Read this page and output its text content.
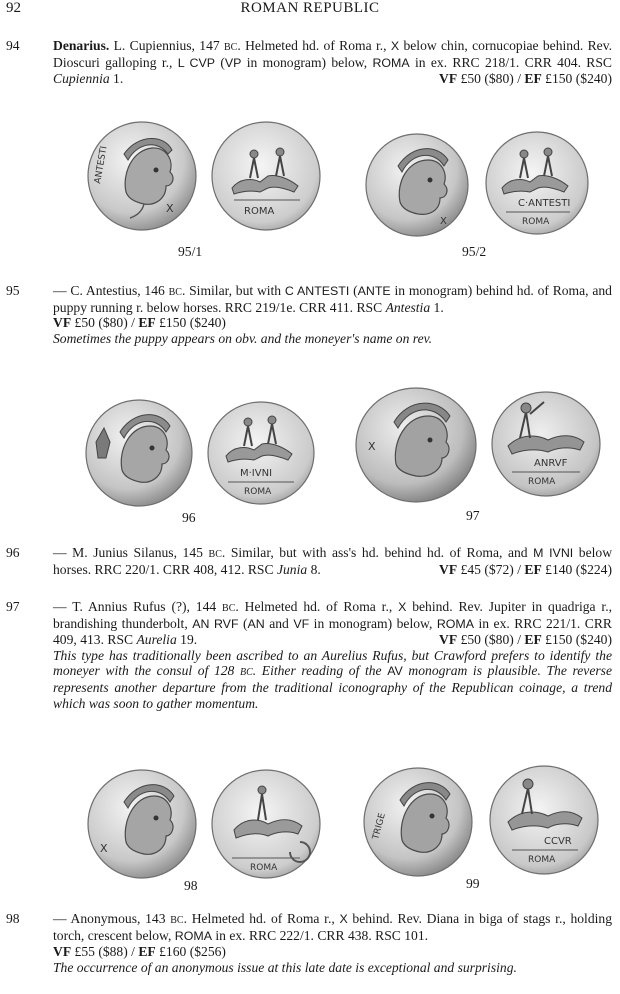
92	ROMAN REPUBLIC
94 Denarius. L. Cupiennius, 147 bc. Helmeted hd. of Roma r., X below chin, cornucopiae behind. Rev. Dioscuri galloping r., L CVP (VP in monogram) below, ROMA in ex. RRC 218/1. CRR 404. RSC Cupiennia 1.	VF £50 ($80) / EF £150 ($240)
ANTESTI
X	ROMA
X
C·ANTESTI
ROMA
95/1	95/2
95 — C. Antestius, 146 bc. Similar, but with C ANTESTI (ANTE in monogram) behind hd. of Roma, and puppy running r. below horses. RRC 219/1e. CRR 411. RSC Antestia 1.
VF £50 ($80) / EF £150 ($240)
Sometimes the puppy appears on obv. and the moneyer's name on rev.
M·IVNI
ROMA
X
ANRVF
ROMA
96	97
96 — M. Junius Silanus, 145 bc. Similar, but with ass's hd. behind hd. of Roma, and M IVNI below horses. RRC 220/1. CRR 408, 412. RSC Junia 8.	VF £45 ($72) / EF £140 ($224)
97 — T. Annius Rufus (?), 144 bc. Helmeted hd. of Roma r., X behind. Rev. Jupiter in quadriga r., brandishing thunderbolt, AN RVF (AN and VF in monogram) below, ROMA in ex. RRC 221/1. CRR 409, 413. RSC Aurelia 19.	VF £50 ($80) / EF £150 ($240)
This type has traditionally been ascribed to an Aurelius Rufus, but Crawford prefers to identify the moneyer with the consul of 128 bc. Either reading of the AV monogram is plausible. The reverse represents another departure from the traditional iconography of the Republican coinage, a trend which was soon to gather momentum.
X
ROMA
TRIGE
CCVR
ROMA
98	99
98 — Anonymous, 143 bc. Helmeted hd. of Roma r., X behind. Rev. Diana in biga of stags r., holding torch, crescent below, ROMA in ex. RRC 222/1. CRR 438. RSC 101.
VF £55 ($88) / EF £160 ($256)
The occurrence of an anonymous issue at this late date is exceptional and surprising.
